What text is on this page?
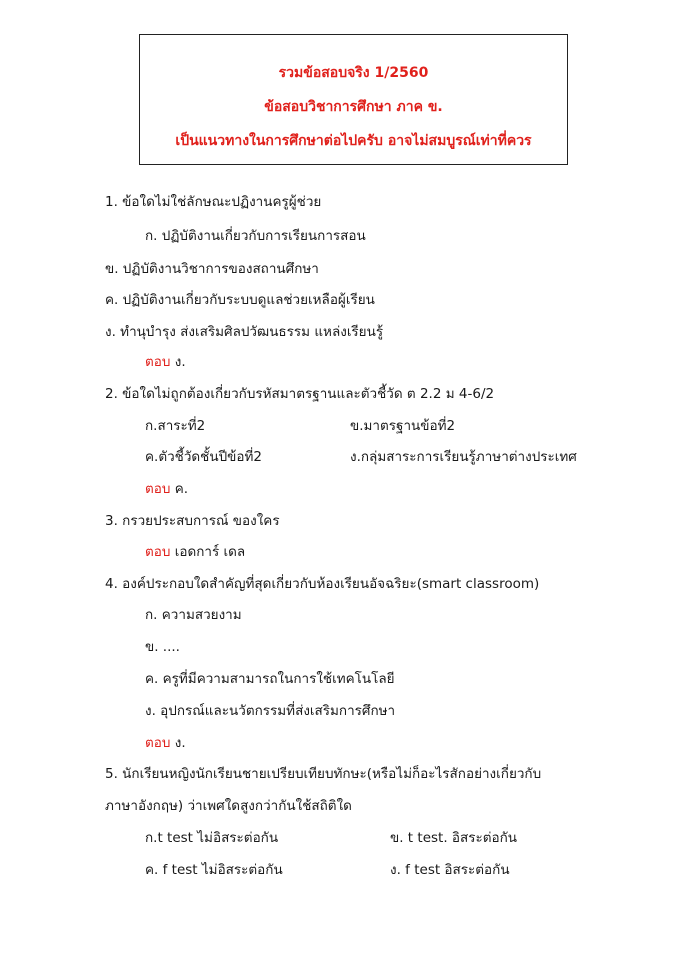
รวมข้อสอบจริง 1/2560
ข้อสอบวิชาการศึกษา ภาค ข.
เป็นแนวทางในการศึกษาต่อไปครับ อาจไม่สมบูรณ์เท่าที่ควร
1. ข้อใดไม่ใช่ลักษณะปฏิงานครูผู้ช่วย
ก. ปฏิบัติงานเกี่ยวกับการเรียนการสอน
ข. ปฏิบัติงานวิชาการของสถานศึกษา
ค. ปฏิบัติงานเกี่ยวกับระบบดูแลช่วยเหลือผู้เรียน
ง. ทำนุบำรุง ส่งเสริมศิลปวัฒนธรรม แหล่งเรียนรู้
ตอบ ง.
2. ข้อใดไม่ถูกต้องเกี่ยวกับรหัสมาตรฐานและตัวชี้วัด ต 2.2 ม 4-6/2
ก.สาระที่2	ข.มาตรฐานข้อที่2
ค.ตัวชี้วัดชั้นปีข้อที่2	ง.กลุ่มสาระการเรียนรู้ภาษาต่างประเทศ
ตอบ ค.
3. กรวยประสบการณ์ ของใคร
ตอบ เอดการ์ เดล
4. องค์ประกอบใดสำคัญที่สุดเกี่ยวกับห้องเรียนอัจฉริยะ(smart classroom)
ก. ความสวยงาม
ข. ....
ค. ครูที่มีความสามารถในการใช้เทคโนโลยี
ง. อุปกรณ์และนวัตกรรมที่ส่งเสริมการศึกษา
ตอบ ง.
5. นักเรียนหญิงนักเรียนชายเปรียบเทียบทักษะ(หรือไม่ก็อะไรสักอย่างเกี่ยวกับ
ภาษาอังกฤษ) ว่าเพศใดสูงกว่ากันใช้สถิติใด
ก.t test ไม่อิสระต่อกัน	ข. t test. อิสระต่อกัน
ค. f test ไม่อิสระต่อกัน	ง. f test อิสระต่อกัน
